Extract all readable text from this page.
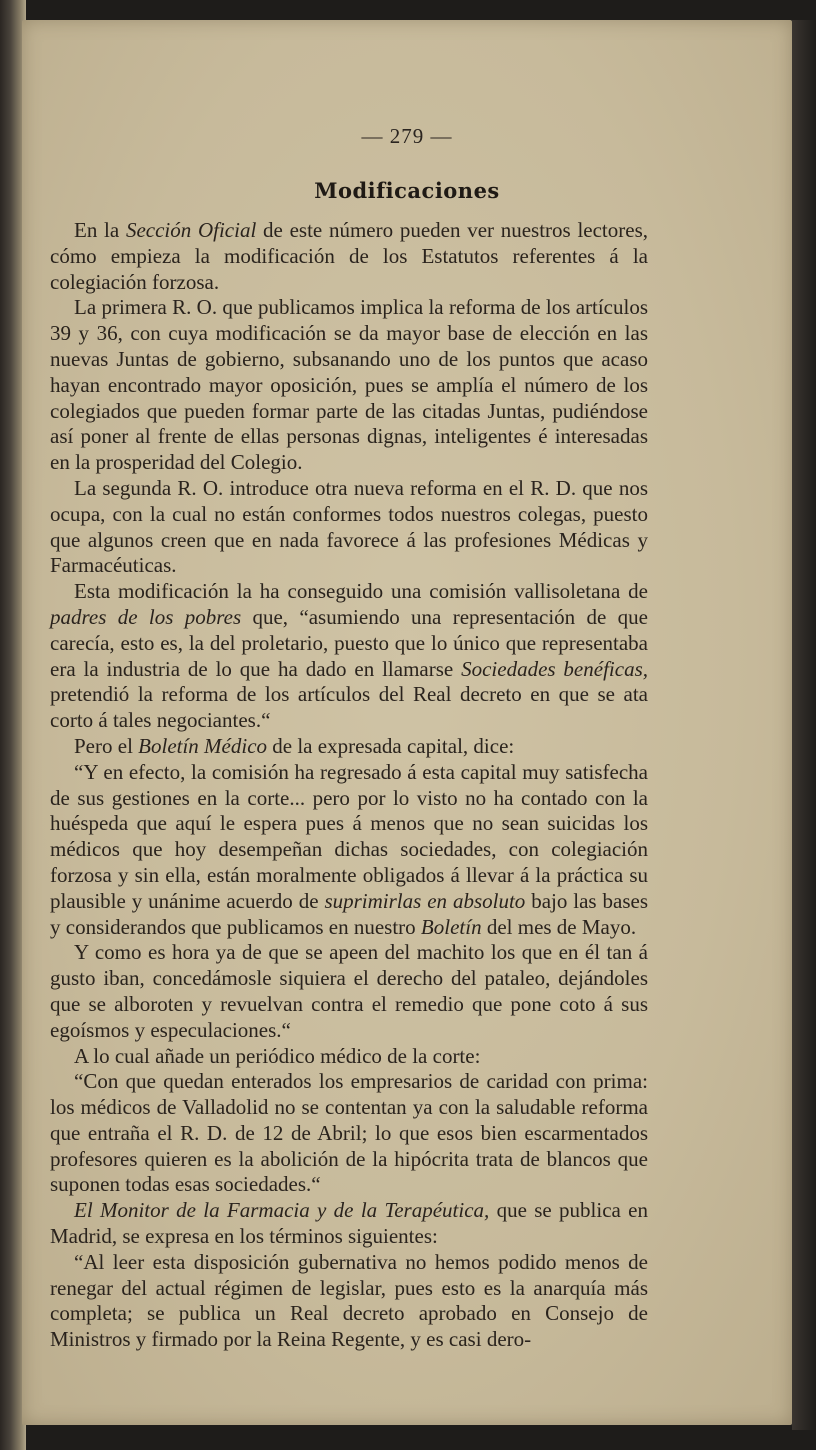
— 279 —
Modificaciones

En la Sección Oficial de este número pueden ver nuestros lectores, cómo empieza la modificación de los Estatutos referentes á la colegiación forzosa.

La primera R. O. que publicamos implica la reforma de los artículos 39 y 36, con cuya modificación se da mayor base de elección en las nuevas Juntas de gobierno, subsanando uno de los puntos que acaso hayan encontrado mayor oposición, pues se amplía el número de los colegiados que pueden formar parte de las citadas Juntas, pudiéndose así poner al frente de ellas personas dignas, inteligentes é interesadas en la prosperidad del Colegio.

La segunda R. O. introduce otra nueva reforma en el R. D. que nos ocupa, con la cual no están conformes todos nuestros colegas, puesto que algunos creen que en nada favorece á las profesiones Médicas y Farmacéuticas.

Esta modificación la ha conseguido una comisión vallisoletana de padres de los pobres que, “asumiendo una representación de que carecía, esto es, la del proletario, puesto que lo único que representaba era la industria de lo que ha dado en llamarse Sociedades benéficas, pretendió la reforma de los artículos del Real decreto en que se ata corto á tales negociantes.“

Pero el Boletín Médico de la expresada capital, dice:

“Y en efecto, la comisión ha regresado á esta capital muy satisfecha de sus gestiones en la corte... pero por lo visto no ha contado con la huéspeda que aquí le espera pues á menos que no sean suicidas los médicos que hoy desempeñan dichas sociedades, con colegiación forzosa y sin ella, están moralmente obligados á llevar á la práctica su plausible y unánime acuerdo de suprimirlas en absoluto bajo las bases y considerandos que publicamos en nuestro Boletín del mes de Mayo.

Y como es hora ya de que se apeen del machito los que en él tan á gusto iban, concedámosle siquiera el derecho del pataleo, dejándoles que se alboroten y revuelvan contra el remedio que pone coto á sus egoísmos y especulaciones.“

A lo cual añade un periódico médico de la corte:

“Con que quedan enterados los empresarios de caridad con prima: los médicos de Valladolid no se contentan ya con la saludable reforma que entraña el R. D. de 12 de Abril; lo que esos bien escarmentados profesores quieren es la abolición de la hipócrita trata de blancos que suponen todas esas sociedades.“

El Monitor de la Farmacia y de la Terapéutica, que se publica en Madrid, se expresa en los términos siguientes:

“Al leer esta disposición gubernativa no hemos podido menos de renegar del actual régimen de legislar, pues esto es la anarquía más completa; se publica un Real decreto aprobado en Consejo de Ministros y firmado por la Reina Regente, y es casi dero-
